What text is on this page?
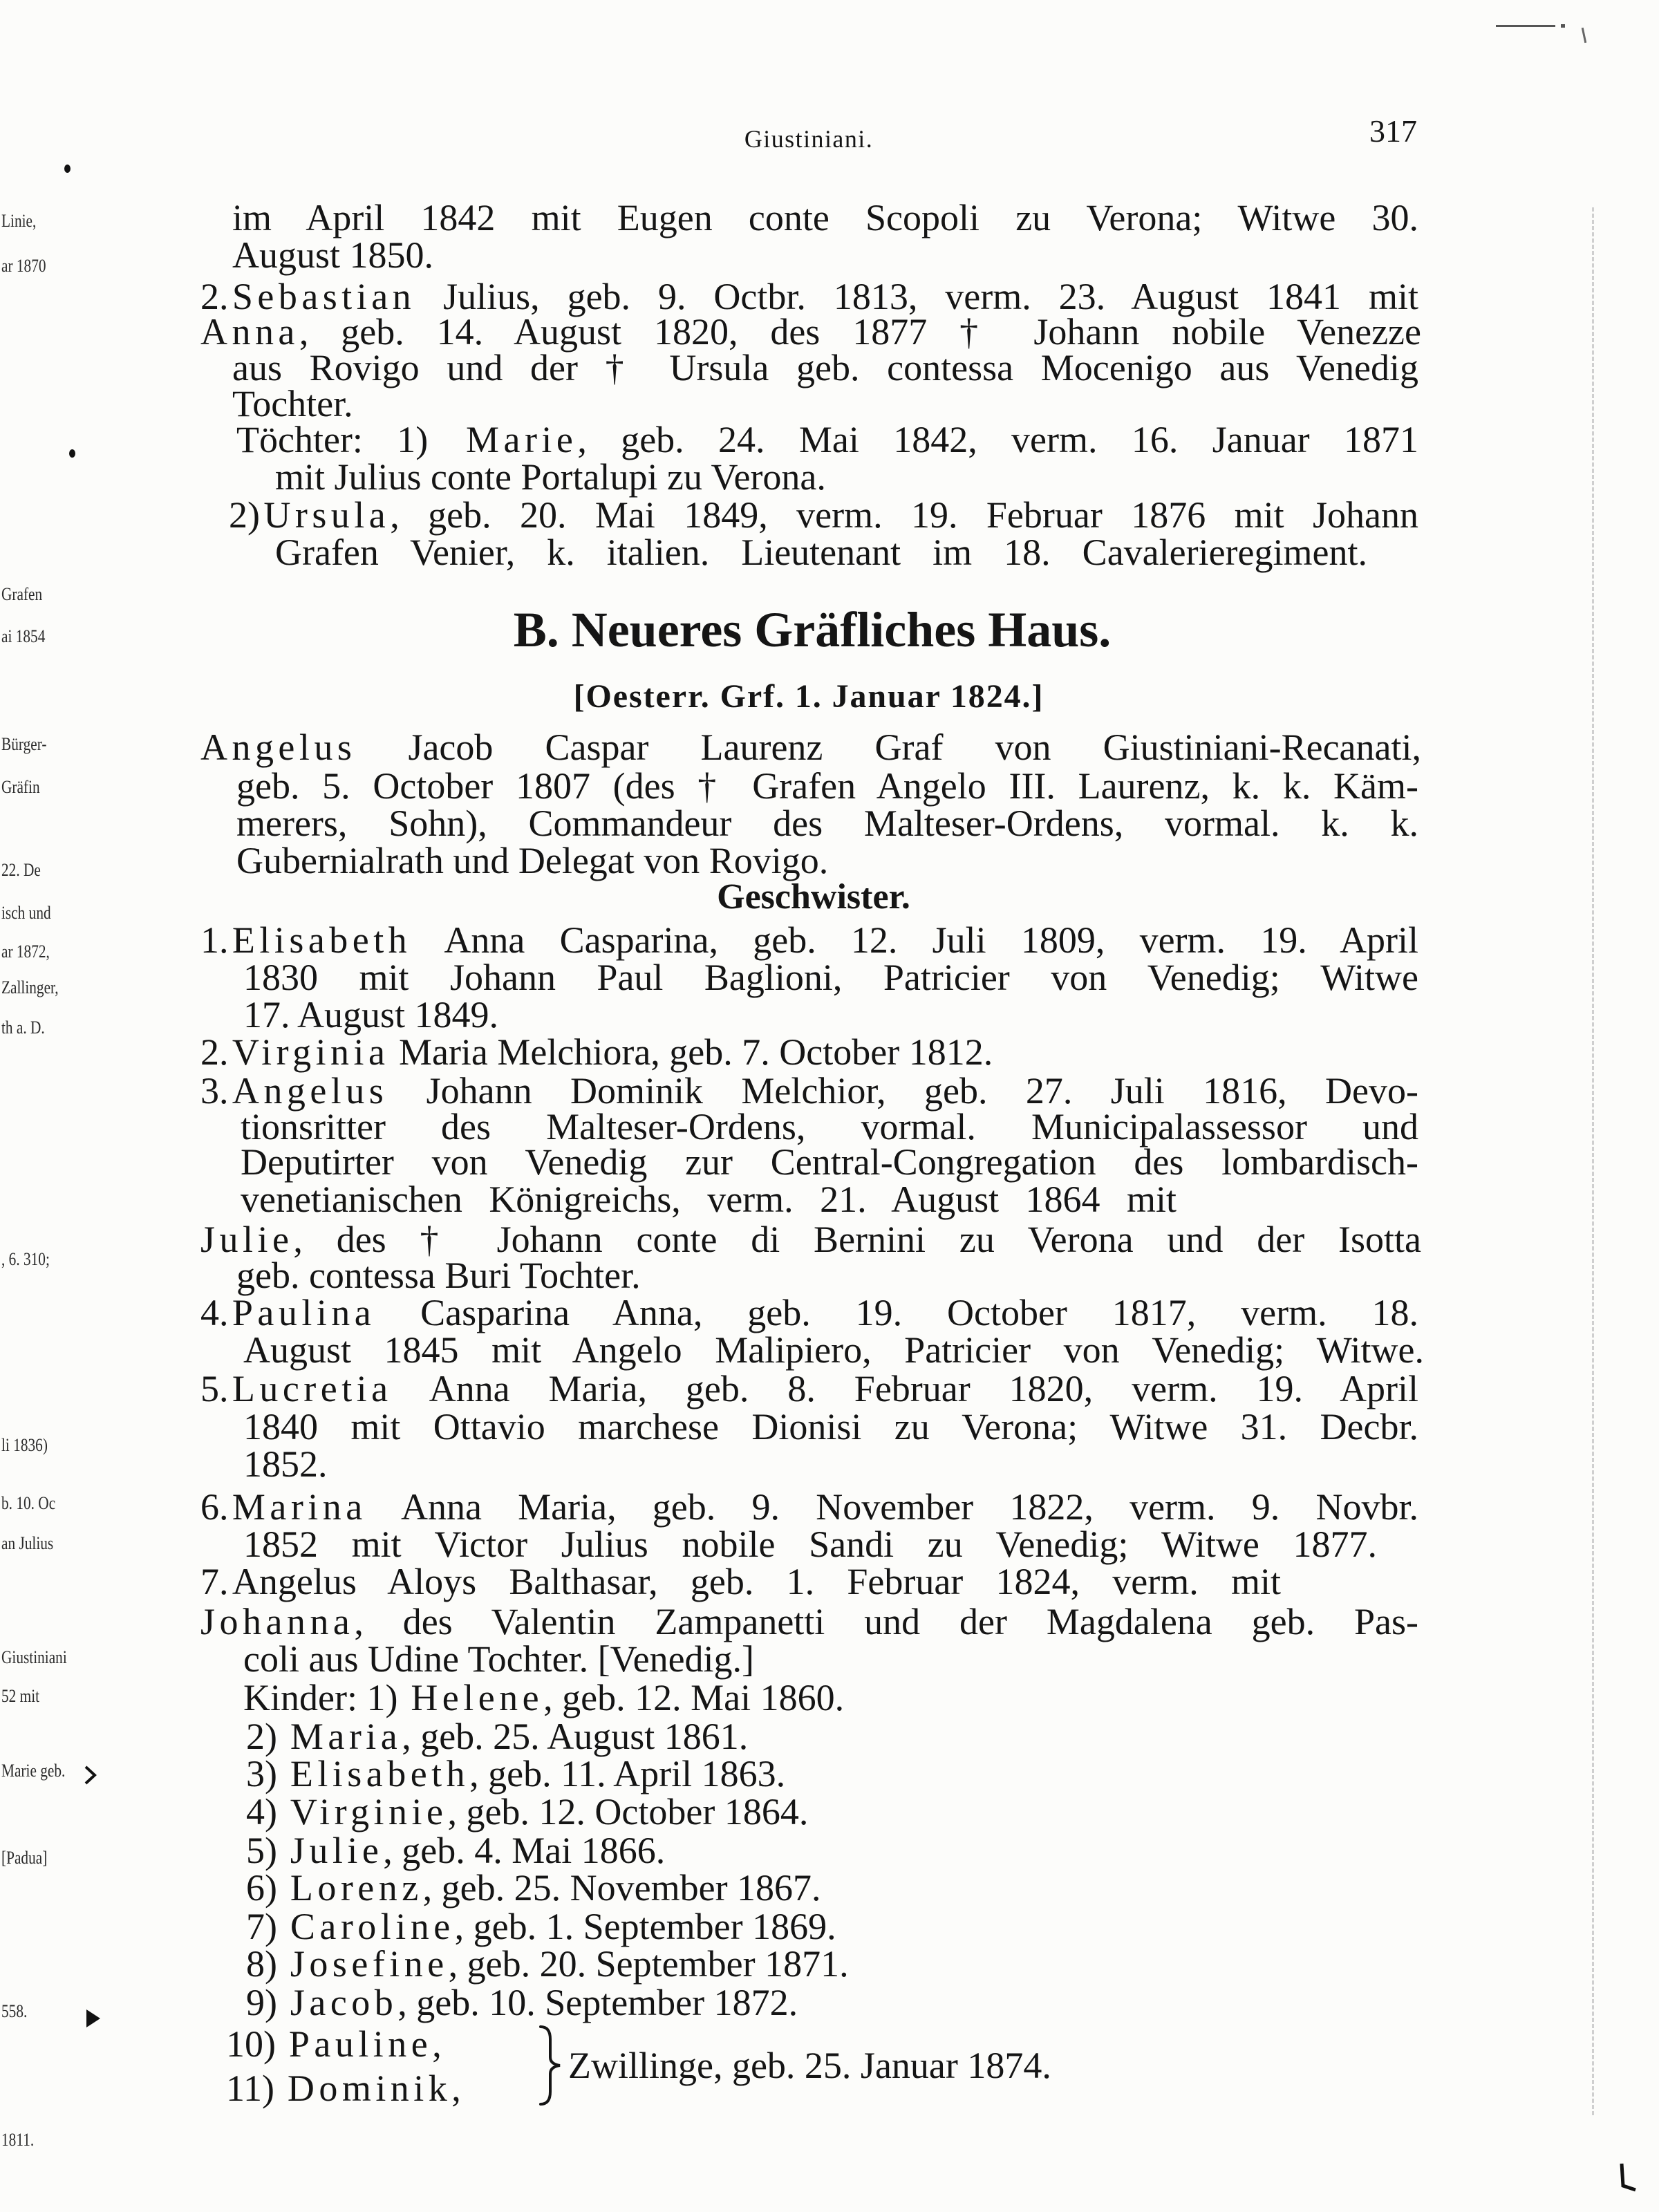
Giustiniani.	317
im April 1842 mit Eugen conte Scopoli zu Verona; Witwe 30.
August 1850.
2.Sebastian Julius, geb. 9. Octbr. 1813, verm. 23. August 1841 mit
Anna, geb. 14. August 1820, des 1877 † Johann nobile Venezze
aus Rovigo und der † Ursula geb. contessa Mocenigo aus Venedig
Tochter.
Töchter: 1) Marie, geb. 24. Mai 1842, verm. 16. Januar 1871
mit Julius conte Portalupi zu Verona.
2)Ursula, geb. 20. Mai 1849, verm. 19. Februar 1876 mit Johann
Grafen Venier, k. italien. Lieutenant im 18. Cavalerieregiment.
Angelus Jacob Caspar Laurenz Graf von Giustiniani-Recanati,
geb. 5. October 1807 (des † Grafen Angelo III. Laurenz, k. k. Käm-
merers, Sohn), Commandeur des Malteser-Ordens, vormal. k. k.
Gubernialrath und Delegat von Rovigo.
1.Elisabeth Anna Casparina, geb. 12. Juli 1809, verm. 19. April
1830 mit Johann Paul Baglioni, Patricier von Venedig; Witwe
17. August 1849.
2.Virginia Maria Melchiora, geb. 7. October 1812.
3.Angelus Johann Dominik Melchior, geb. 27. Juli 1816, Devo-
tionsritter des Malteser-Ordens, vormal. Municipalassessor und
Deputirter von Venedig zur Central-Congregation des lombardisch-
venetianischen Königreichs, verm. 21. August 1864 mit
Julie, des † Johann conte di Bernini zu Verona und der Isotta
geb. contessa Buri Tochter.
4.Paulina Casparina Anna, geb. 19. October 1817, verm. 18.
August 1845 mit Angelo Malipiero, Patricier von Venedig; Witwe.
5.Lucretia Anna Maria, geb. 8. Februar 1820, verm. 19. April
1840 mit Ottavio marchese Dionisi zu Verona; Witwe 31. Decbr.
1852.
6.Marina Anna Maria, geb. 9. November 1822, verm. 9. Novbr.
1852 mit Victor Julius nobile Sandi zu Venedig; Witwe 1877.
7.Angelus Aloys Balthasar, geb. 1. Februar 1824, verm. mit
Johanna, des Valentin Zampanetti und der Magdalena geb. Pas-
coli aus Udine Tochter. [Venedig.]
Kinder: 1) Helene, geb. 12. Mai 1860.
2) Maria, geb. 25. August 1861.
3) Elisabeth, geb. 11. April 1863.
4) Virginie, geb. 12. October 1864.
5) Julie, geb. 4. Mai 1866.
6) Lorenz, geb. 25. November 1867.
7) Caroline, geb. 1. September 1869.
8) Josefine, geb. 20. September 1871.
9) Jacob, geb. 10. September 1872.
10) Pauline,
11) Dominik,
B. Neueres Gräfliches Haus.
[Oesterr. Grf. 1. Januar 1824.]
Geschwister.
Zwillinge, geb. 25. Januar 1874.
Linie,
ar 1870
Grafen
ai 1854
Bürger-
Gräfin
22. De
isch und
ar 1872,
Zallinger,
th a. D.
, 6. 310;
li 1836)
b. 10. Oc
an Julius
Giustiniani
52 mit
Marie geb.
[Padua]
558.
1811.
